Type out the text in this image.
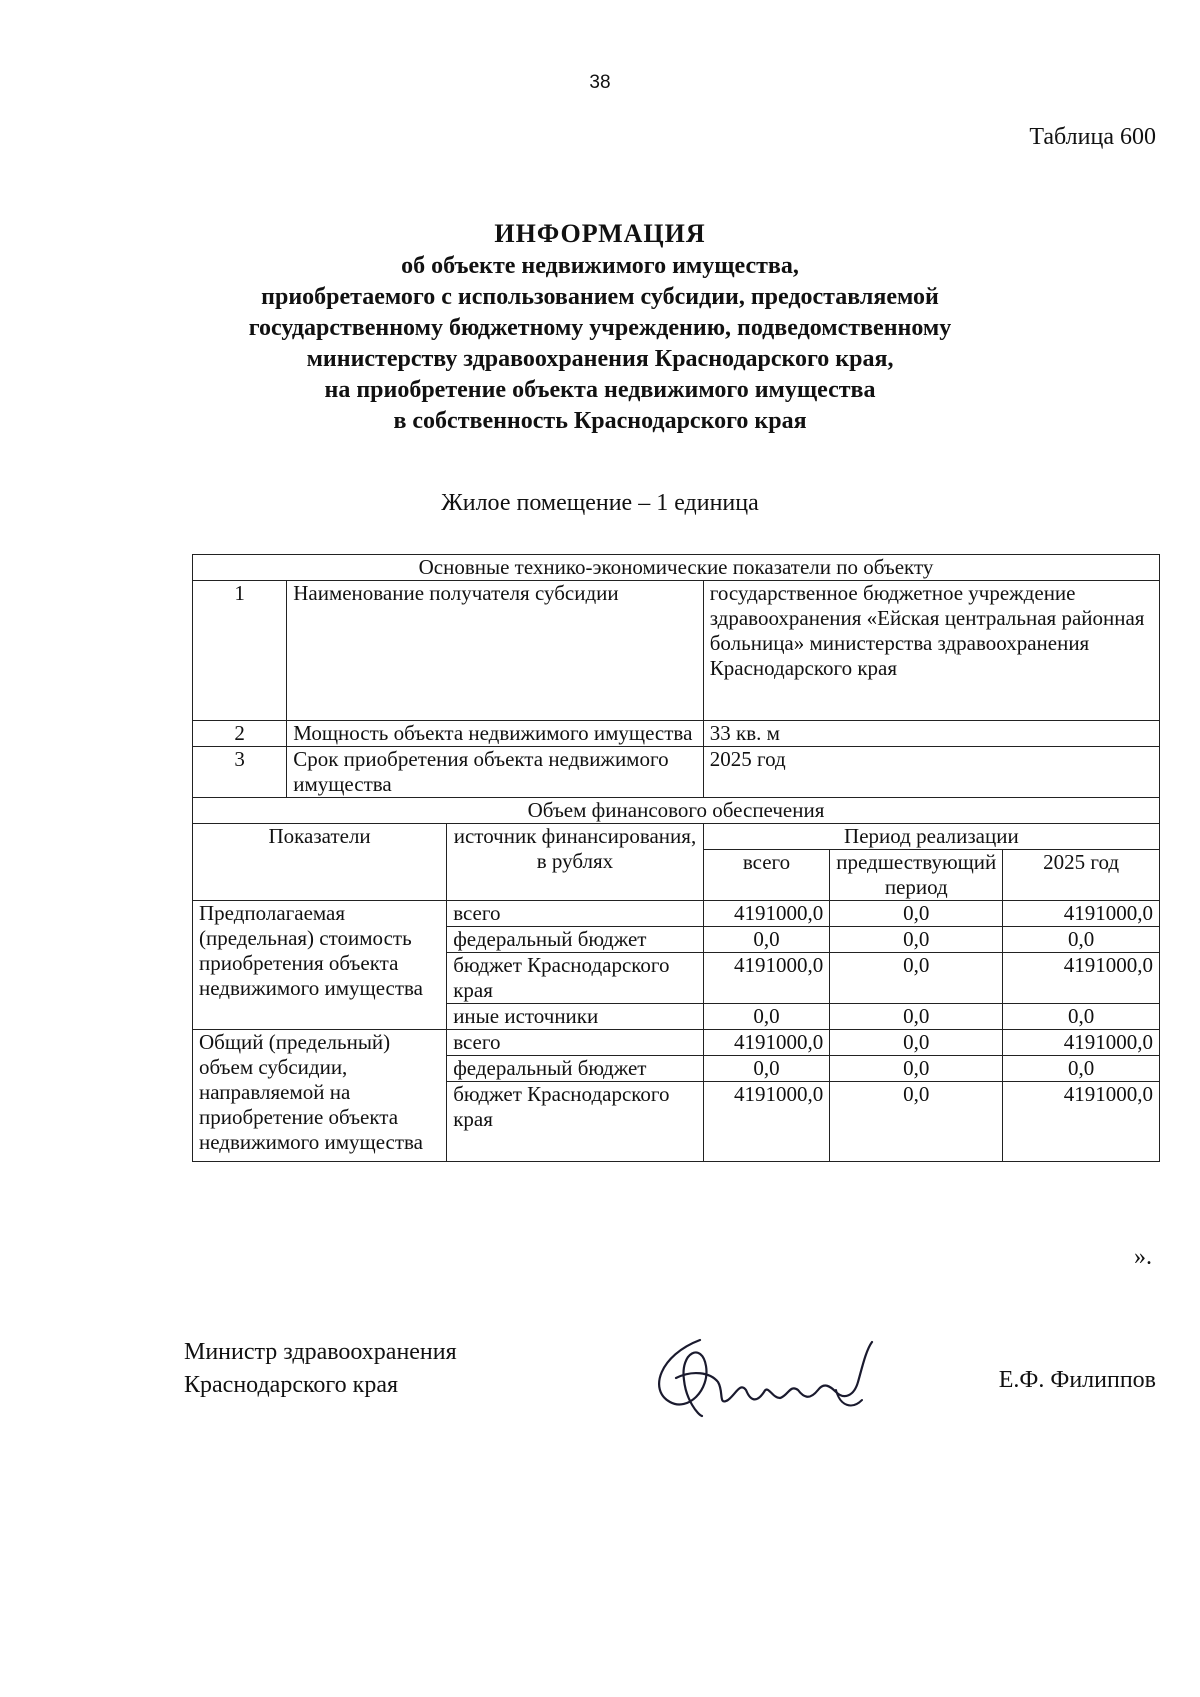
38
Таблица 600
ИНФОРМАЦИЯ
об объекте недвижимого имущества,
приобретаемого с использованием субсидии, предоставляемой
государственному бюджетному учреждению, подведомственному
министерству здравоохранения Краснодарского края,
на приобретение объекта недвижимого имущества
в собственность Краснодарского края
Жилое помещение – 1 единица
Основные технико-экономические показатели по объекту					
1	Наименование получателя субсидии		государственное бюджетное учреждение здравоохранения «Ейская центральная районная больница» министерства здравоохранения Краснодарского края		
2	Мощность объекта недвижимого имущества		33 кв. м		
3	Срок приобретения объекта недвижимого имущества		2025 год		
Объем финансового обеспечения					
Показатели		источник финансирования, в рублях	Период реализации		
			всего	предшествующий период	2025 год
Предполагаемая (предельная) стоимость приобретения объекта недвижимого имущества		всего	4191000,0	0,0	4191000,0
		федеральный бюджет	0,0	0,0	0,0
		бюджет Краснодарского края	4191000,0	0,0	4191000,0
		иные источники	0,0	0,0	0,0
Общий (предельный) объем субсидии, направляемой на приобретение объекта недвижимого имущества		всего	4191000,0	0,0	4191000,0
		федеральный бюджет	0,0	0,0	0,0
		бюджет Краснодарского края	4191000,0	0,0	4191000,0
».
Министр здравоохранения
Краснодарского края	Е.Ф. Филиппов
